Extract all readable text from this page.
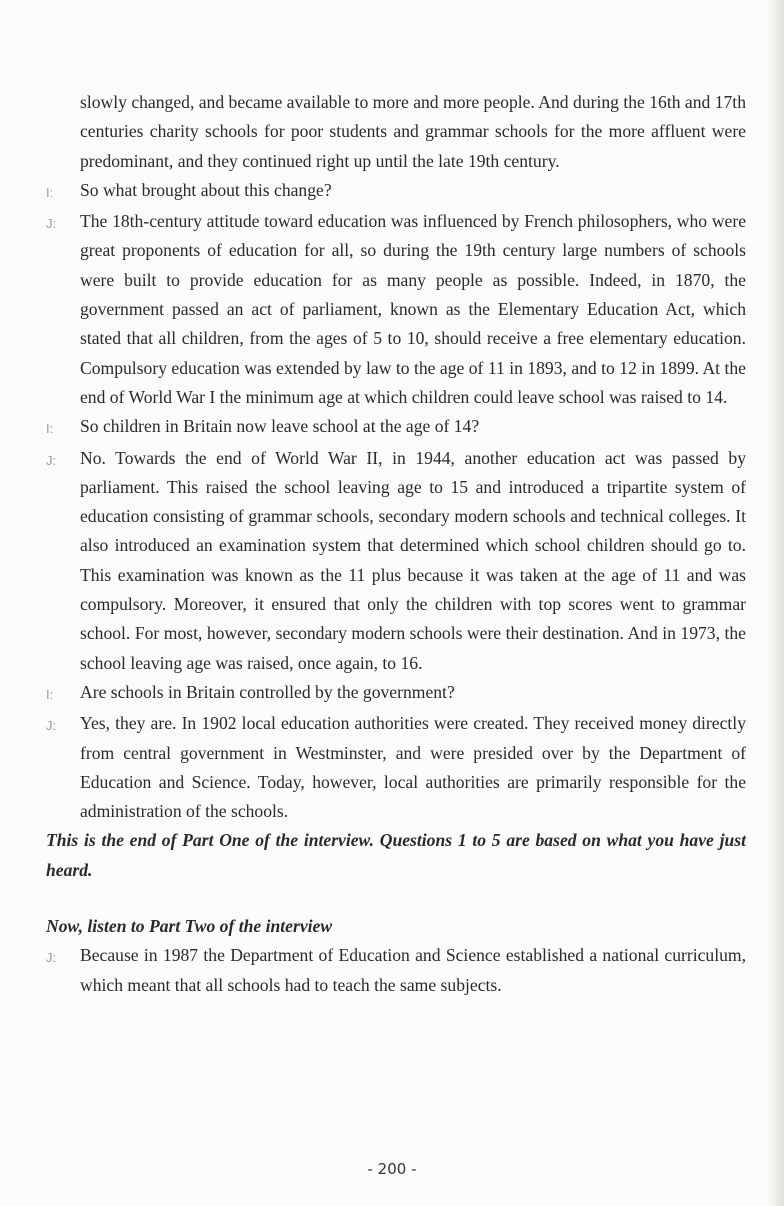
slowly changed, and became available to more and more people. And during the 16th and 17th centuries charity schools for poor students and grammar schools for the more affluent were predominant, and they continued right up until the late 19th century.
I:	So what brought about this change?
J:	The 18th-century attitude toward education was influenced by French philosophers, who were great proponents of education for all, so during the 19th century large numbers of schools were built to provide education for as many people as possible. Indeed, in 1870, the government passed an act of parliament, known as the Elementary Education Act, which stated that all children, from the ages of 5 to 10, should receive a free elementary education. Compulsory education was extended by law to the age of 11 in 1893, and to 12 in 1899. At the end of World War I the minimum age at which children could leave school was raised to 14.
I:	So children in Britain now leave school at the age of 14?
J:	No. Towards the end of World War II, in 1944, another education act was passed by parliament. This raised the school leaving age to 15 and introduced a tripartite system of education consisting of grammar schools, secondary modern schools and technical colleges. It also introduced an examination system that determined which school children should go to. This examination was known as the 11 plus because it was taken at the age of 11 and was compulsory. Moreover, it ensured that only the children with top scores went to grammar school. For most, however, secondary modern schools were their destination. And in 1973, the school leaving age was raised, once again, to 16.
I:	Are schools in Britain controlled by the government?
J:	Yes, they are. In 1902 local education authorities were created. They received money directly from central government in Westminster, and were presided over by the Department of Education and Science. Today, however, local authorities are primarily responsible for the administration of the schools.
This is the end of Part One of the interview. Questions 1 to 5 are based on what you have just heard.
Now, listen to Part Two of the interview
J:	Because in 1987 the Department of Education and Science established a national curriculum, which meant that all schools had to teach the same subjects.
- 200 -
